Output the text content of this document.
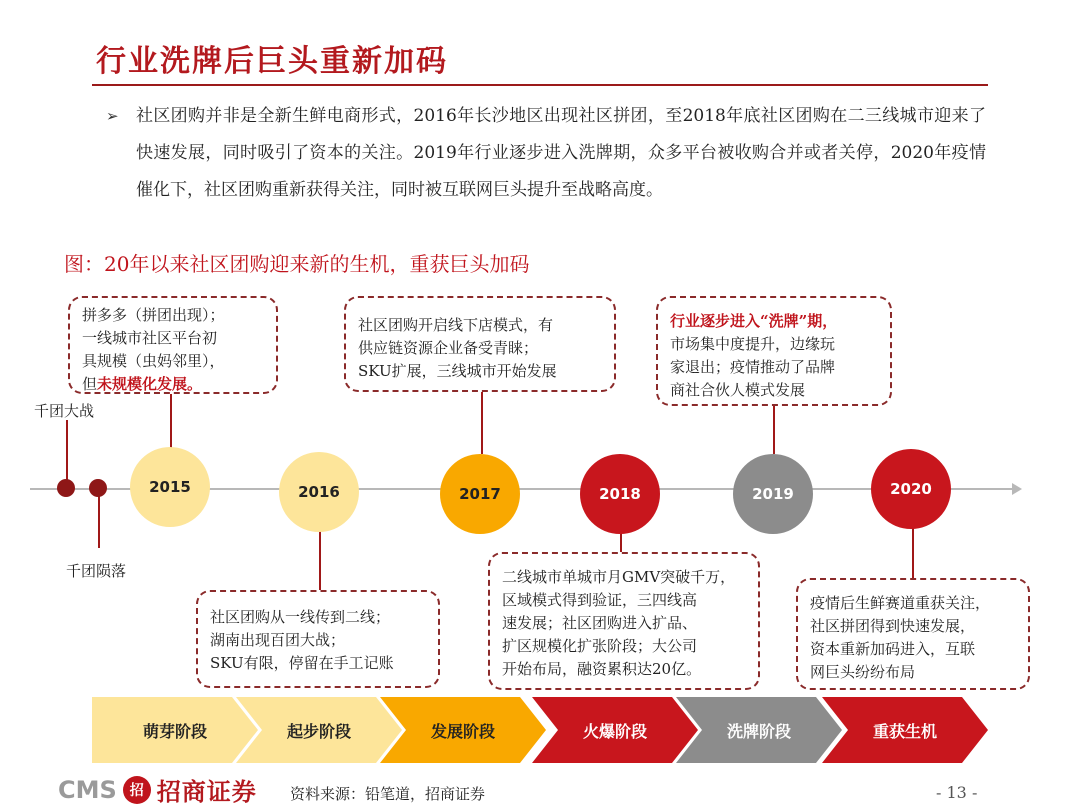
行业洗牌后巨头重新加码
➢ 社区团购并非是全新生鲜电商形式，2016年长沙地区出现社区拼团，至2018年底社区团购在二三线城市迎来了快速发展，同时吸引了资本的关注。2019年行业逐步进入洗牌期，众多平台被收购合并或者关停，2020年疫情催化下，社区团购重新获得关注，同时被互联网巨头提升至战略高度。
图：20年以来社区团购迎来新的生机，重获巨头加码
拼多多（拼团出现）；
一线城市社区平台初
具规模（虫妈邻里），
但未规模化发展。
社区团购开启线下店模式，有
供应链资源企业备受青睐；
SKU扩展，三线城市开始发展
行业逐步进入“洗牌”期，
市场集中度提升，边缘玩
家退出；疫情推动了品牌
商社合伙人模式发展
社区团购从一线传到二线；
湖南出现百团大战；
SKU有限，停留在手工记账
二线城市单城市月GMV突破千万，
区域模式得到验证，三四线高
速发展；社区团购进入扩品、
扩区规模化扩张阶段；大公司
开始布局，融资累积达20亿。
疫情后生鲜赛道重获关注，
社区拼团得到快速发展，
资本重新加码进入，互联
网巨头纷纷布局
千团大战
千团陨落
2015	2016	2017	2018	2019	2020
萌芽阶段	起步阶段	发展阶段	火爆阶段	洗牌阶段	重获生机
CMS 招 招商证券 资料来源：铅笔道，招商证券	- 13 -
